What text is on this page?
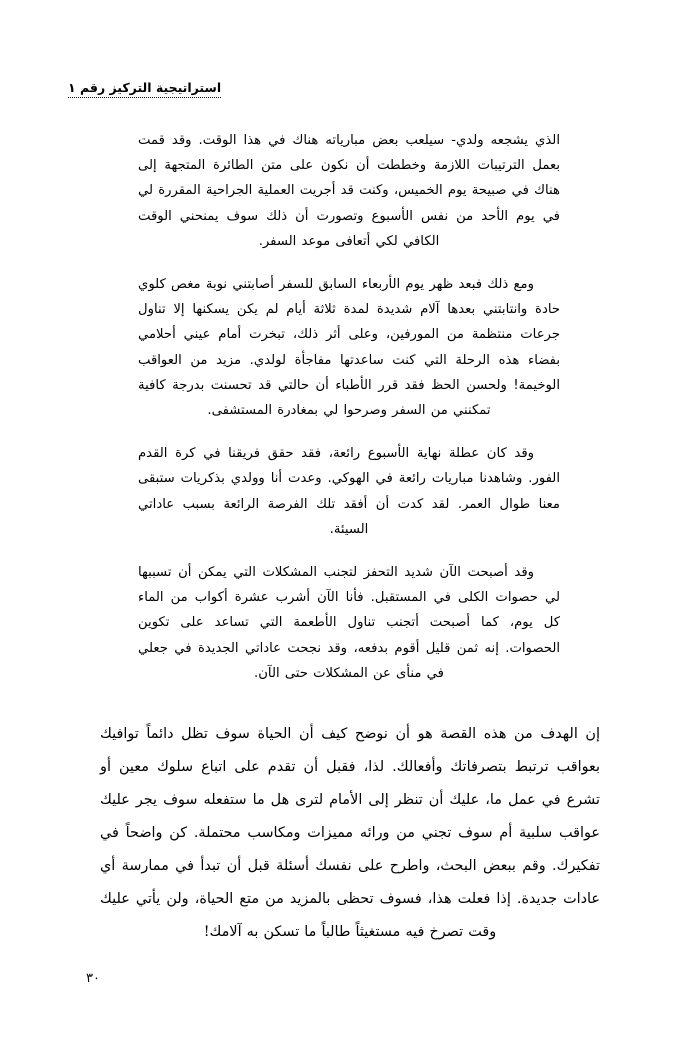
استراتيجية التركيز رقم ١

الذي يشجعه ولدي- سيلعب بعض مبارياته هناك في هذا الوقت. وقد قمت بعمل الترتيبات اللازمة وخططت أن نكون على متن الطائرة المتجهة إلى هناك في صبيحة يوم الخميس، وكنت قد أجريت العملية الجراحية المقررة لي في يوم الأحد من نفس الأسبوع وتصورت أن ذلك سوف يمنحني الوقت الكافي لكي أتعافى موعد السفر.

ومع ذلك فبعد ظهر يوم الأربعاء السابق للسفر أصابتني نوبة مغص كلوي حادة وانتابتني بعدها آلام شديدة لمدة ثلاثة أيام لم يكن يسكنها إلا تناول جرعات منتظمة من المورفين، وعلى أثر ذلك، تبخرت أمام عيني أحلامي بفضاء هذه الرحلة التي كنت ساعدتها مفاجأة لولدي. مزيد من العواقب الوخيمة! ولحسن الحظ فقد قرر الأطباء أن حالتي قد تحسنت بدرجة كافية تمكنني من السفر وصرحوا لي بمغادرة المستشفى.

وقد كان عطلة نهاية الأسبوع رائعة، فقد حقق فريقنا في كرة القدم الفور. وشاهدنا مباريات رائعة في الهوكي. وعدت أنا وولدي بذكريات ستبقى معنا طوال العمر. لقد كدت أن أفقد تلك الفرصة الرائعة بسبب عاداتي السيئة.

وقد أصبحت الآن شديد التحفز لتجنب المشكلات التي يمكن أن تسببها لي حصوات الكلى في المستقبل. فأنا الآن أشرب عشرة أكواب من الماء كل يوم، كما أصبحت أتجنب تناول الأطعمة التي تساعد على تكوين الحصوات. إنه ثمن قليل أقوم بدفعه، وقد نجحت عاداتي الجديدة في جعلي في منأى عن المشكلات حتى الآن.

إن الهدف من هذه القصة هو أن نوضح كيف أن الحياة سوف تظل دائماً توافيك بعواقب ترتبط بتصرفاتك وأفعالك. لذا، فقبل أن تقدم على اتباع سلوك معين أو تشرع في عمل ما، عليك أن تنظر إلى الأمام لترى هل ما ستفعله سوف يجر عليك عواقب سلبية أم سوف تجني من ورائه مميزات ومكاسب محتملة. كن واضحاً في تفكيرك. وقم ببعض البحث، واطرح على نفسك أسئلة قبل أن تبدأ في ممارسة أي عادات جديدة. إذا فعلت هذا، فسوف تحظى بالمزيد من متع الحياة، ولن يأتي عليك وقت تصرخ فيه مستغيثاً طالباً ما تسكن به آلامك!

٣٠
